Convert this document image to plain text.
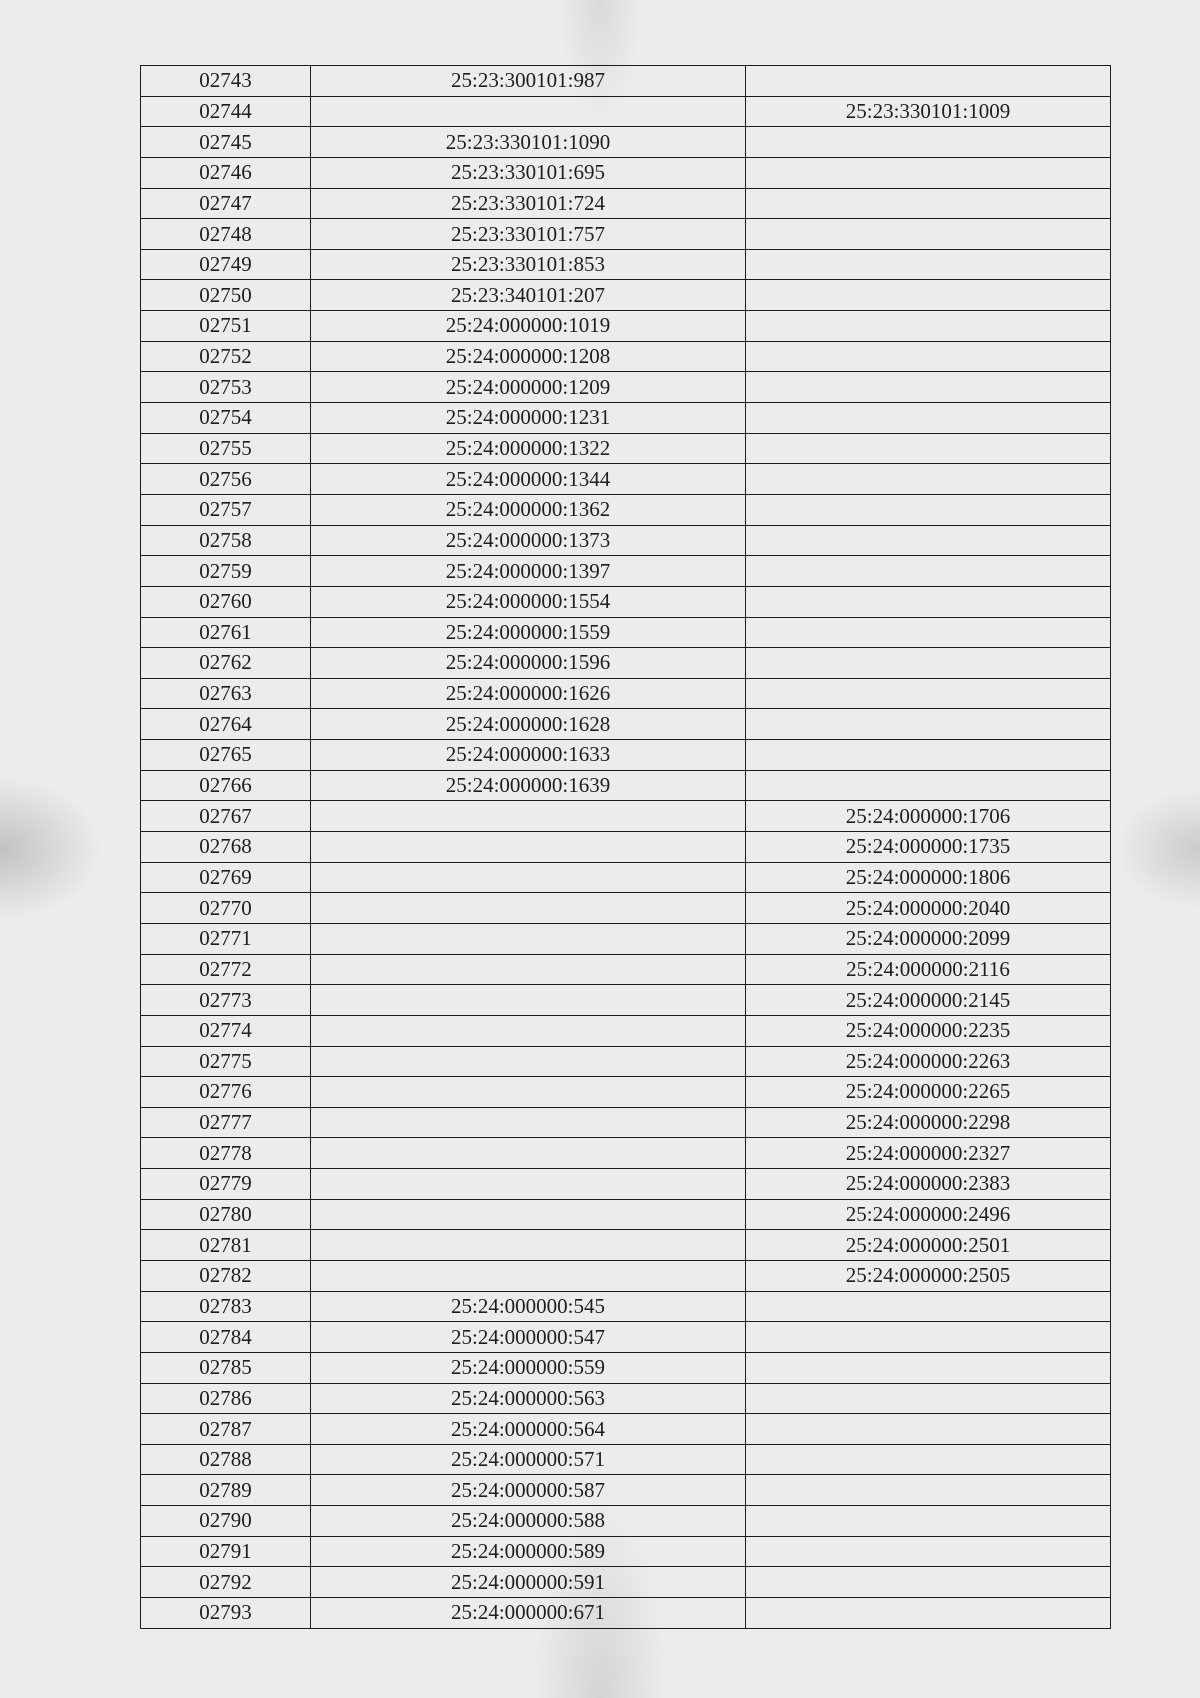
02743	25:23:300101:987	
02744		25:23:330101:1009
02745	25:23:330101:1090	
02746	25:23:330101:695	
02747	25:23:330101:724	
02748	25:23:330101:757	
02749	25:23:330101:853	
02750	25:23:340101:207	
02751	25:24:000000:1019	
02752	25:24:000000:1208	
02753	25:24:000000:1209	
02754	25:24:000000:1231	
02755	25:24:000000:1322	
02756	25:24:000000:1344	
02757	25:24:000000:1362	
02758	25:24:000000:1373	
02759	25:24:000000:1397	
02760	25:24:000000:1554	
02761	25:24:000000:1559	
02762	25:24:000000:1596	
02763	25:24:000000:1626	
02764	25:24:000000:1628	
02765	25:24:000000:1633	
02766	25:24:000000:1639	
02767		25:24:000000:1706
02768		25:24:000000:1735
02769		25:24:000000:1806
02770		25:24:000000:2040
02771		25:24:000000:2099
02772		25:24:000000:2116
02773		25:24:000000:2145
02774		25:24:000000:2235
02775		25:24:000000:2263
02776		25:24:000000:2265
02777		25:24:000000:2298
02778		25:24:000000:2327
02779		25:24:000000:2383
02780		25:24:000000:2496
02781		25:24:000000:2501
02782		25:24:000000:2505
02783	25:24:000000:545	
02784	25:24:000000:547	
02785	25:24:000000:559	
02786	25:24:000000:563	
02787	25:24:000000:564	
02788	25:24:000000:571	
02789	25:24:000000:587	
02790	25:24:000000:588	
02791	25:24:000000:589	
02792	25:24:000000:591	
02793	25:24:000000:671	
